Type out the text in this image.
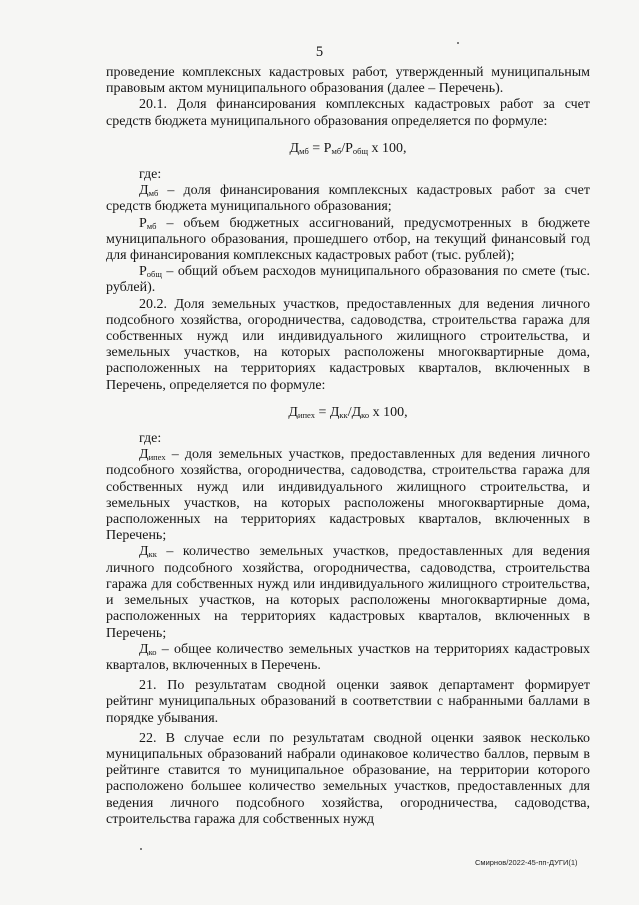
5

проведение комплексных кадастровых работ, утвержденный муниципальным правовым актом муниципального образования (далее – Перечень).

20.1. Доля финансирования комплексных кадастровых работ за счет средств бюджета муниципального образования определяется по формуле:

$Д_{мб} = Р_{мб}/Р_{общ}$ x 100,

где:

$Д_{мб}$ – доля финансирования комплексных кадастровых работ за счет средств бюджета муниципального образования;

$Р_{мб}$ – объем бюджетных ассигнований, предусмотренных в бюджете муниципального образования, прошедшего отбор, на текущий финансовый год для финансирования комплексных кадастровых работ (тыс. рублей);

$Р_{общ}$ – общий объем расходов муниципального образования по смете (тыс. рублей).

20.2. Доля земельных участков, предоставленных для ведения личного подсобного хозяйства, огородничества, садоводства, строительства гаража для собственных нужд или индивидуального жилищного строительства, и земельных участков, на которых расположены многоквартирные дома, расположенных на территориях кадастровых кварталов, включенных в Перечень, определяется по формуле:

$Д_{ипех} = Д_{кк}/Д_{ко}$ x 100,

где:

$Д_{ипех}$ – доля земельных участков, предоставленных для ведения личного подсобного хозяйства, огородничества, садоводства, строительства гаража для собственных нужд или индивидуального жилищного строительства, и земельных участков, на которых расположены многоквартирные дома, расположенных на территориях кадастровых кварталов, включенных в Перечень;

$Д_{кк}$ – количество земельных участков, предоставленных для ведения личного подсобного хозяйства, огородничества, садоводства, строительства гаража для собственных нужд или индивидуального жилищного строительства, и земельных участков, на которых расположены многоквартирные дома, расположенных на территориях кадастровых кварталов, включенных в Перечень;

$Д_{ко}$ – общее количество земельных участков на территориях кадастровых кварталов, включенных в Перечень.

21. По результатам сводной оценки заявок департамент формирует рейтинг муниципальных образований в соответствии с набранными баллами в порядке убывания.

22. В случае если по результатам сводной оценки заявок несколько муниципальных образований набрали одинаковое количество баллов, первым в рейтинге ставится то муниципальное образование, на территории которого расположено большее количество земельных участков, предоставленных для ведения личного подсобного хозяйства, огородничества, садоводства, строительства гаража для собственных нужд

Смирнов/2022-45-пп-ДУГИ(1)
